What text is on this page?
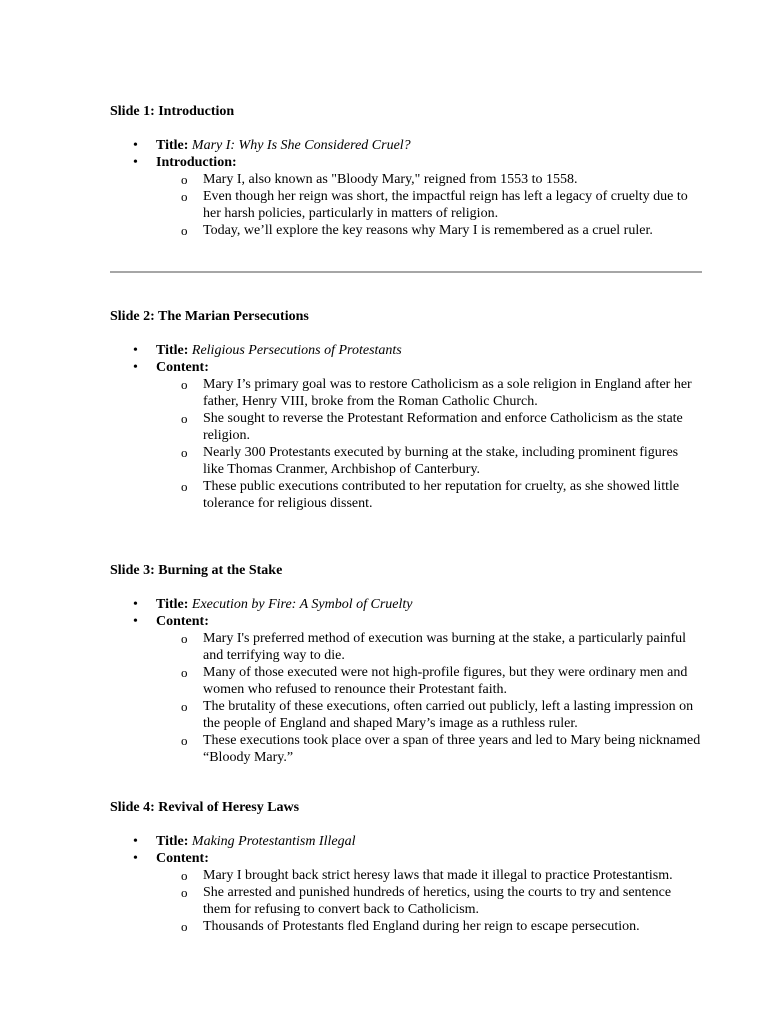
Slide 1: Introduction
• Title: Mary I: Why Is She Considered Cruel?
• Introduction:
o Mary I, also known as "Bloody Mary," reigned from 1553 to 1558.
o Even though her reign was short, the impactful reign has left a legacy of cruelty due to her harsh policies, particularly in matters of religion.
o Today, we’ll explore the key reasons why Mary I is remembered as a cruel ruler.
Slide 2: The Marian Persecutions
• Title: Religious Persecutions of Protestants
• Content:
o Mary I’s primary goal was to restore Catholicism as a sole religion in England after her father, Henry VIII, broke from the Roman Catholic Church.
o She sought to reverse the Protestant Reformation and enforce Catholicism as the state religion.
o Nearly 300 Protestants executed by burning at the stake, including prominent figures like Thomas Cranmer, Archbishop of Canterbury.
o These public executions contributed to her reputation for cruelty, as she showed little tolerance for religious dissent.
Slide 3: Burning at the Stake
• Title: Execution by Fire: A Symbol of Cruelty
• Content:
o Mary I's preferred method of execution was burning at the stake, a particularly painful and terrifying way to die.
o Many of those executed were not high-profile figures, but they were ordinary men and women who refused to renounce their Protestant faith.
o The brutality of these executions, often carried out publicly, left a lasting impression on the people of England and shaped Mary’s image as a ruthless ruler.
o These executions took place over a span of three years and led to Mary being nicknamed “Bloody Mary.”
Slide 4: Revival of Heresy Laws
• Title: Making Protestantism Illegal
• Content:
o Mary I brought back strict heresy laws that made it illegal to practice Protestantism.
o She arrested and punished hundreds of heretics, using the courts to try and sentence them for refusing to convert back to Catholicism.
o Thousands of Protestants fled England during her reign to escape persecution.
